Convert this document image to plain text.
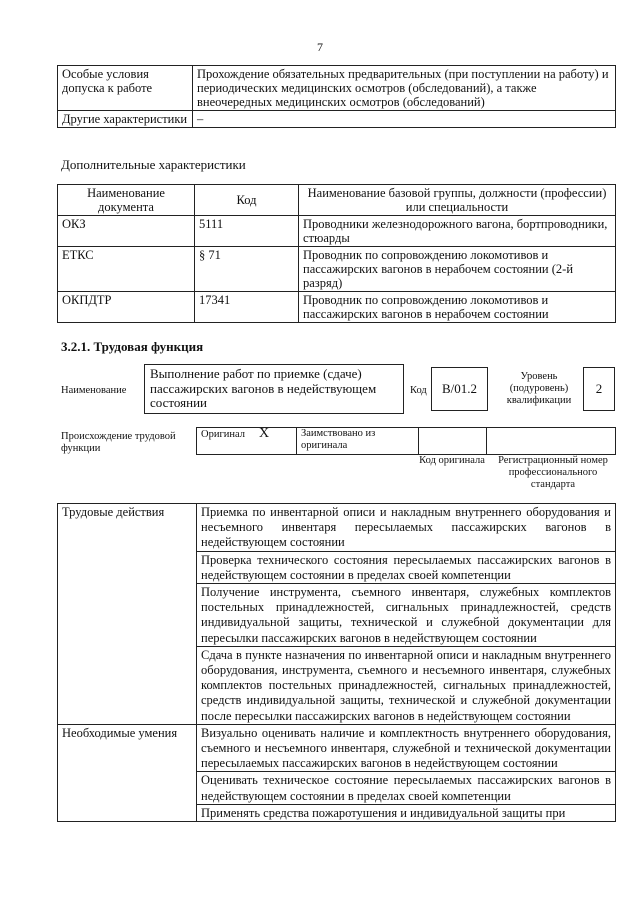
7
Особые условия допуска к работе	Прохождение обязательных предварительных (при поступлении на работу) и периодических медицинских осмотров (обследований), а также внеочередных медицинских осмотров (обследований)
Другие характеристики	–
Дополнительные характеристики
Наименование документа	Код	Наименование базовой группы, должности (профессии) или специальности
ОКЗ	5111	Проводники железнодорожного вагона, бортпроводники, стюарды
ЕТКС	§ 71	Проводник по сопровождению локомотивов и пассажирских вагонов в нерабочем состоянии (2-й разряд)
ОКПДТР	17341	Проводник по сопровождению локомотивов и пассажирских вагонов в нерабочем состоянии
3.2.1. Трудовая функция
Наименование
Выполнение работ по приемке (сдаче) пассажирских вагонов в недействующем состоянии
Код	В/01.2
Уровень (подуровень) квалификации
2
Происхождение трудовой функции
Оригинал Х	Заимствовано из оригинала		
Код оригинала	Регистрационный номер профессионального стандарта
Трудовые действия	Приемка по инвентарной описи и накладным внутреннего оборудования и несъемного инвентаря пересылаемых пассажирских вагонов в недействующем состоянии
	Проверка технического состояния пересылаемых пассажирских вагонов в недействующем состоянии в пределах своей компетенции
	Получение инструмента, съемного инвентаря, служебных комплектов постельных принадлежностей, сигнальных принадлежностей, средств индивидуальной защиты, технической и служебной документации для пересылки пассажирских вагонов в недействующем состоянии
	Сдача в пункте назначения по инвентарной описи и накладным внутреннего оборудования, инструмента, съемного и несъемного инвентаря, служебных комплектов постельных принадлежностей, сигнальных принадлежностей, средств индивидуальной защиты, технической и служебной документации после пересылки пассажирских вагонов в недействующем состоянии
Необходимые умения	Визуально оценивать наличие и комплектность внутреннего оборудования, съемного и несъемного инвентаря, служебной и технической документации пересылаемых пассажирских вагонов в недействующем состоянии
	Оценивать техническое состояние пересылаемых пассажирских вагонов в недействующем состоянии в пределах своей компетенции
	Применять средства пожаротушения и индивидуальной защиты при
